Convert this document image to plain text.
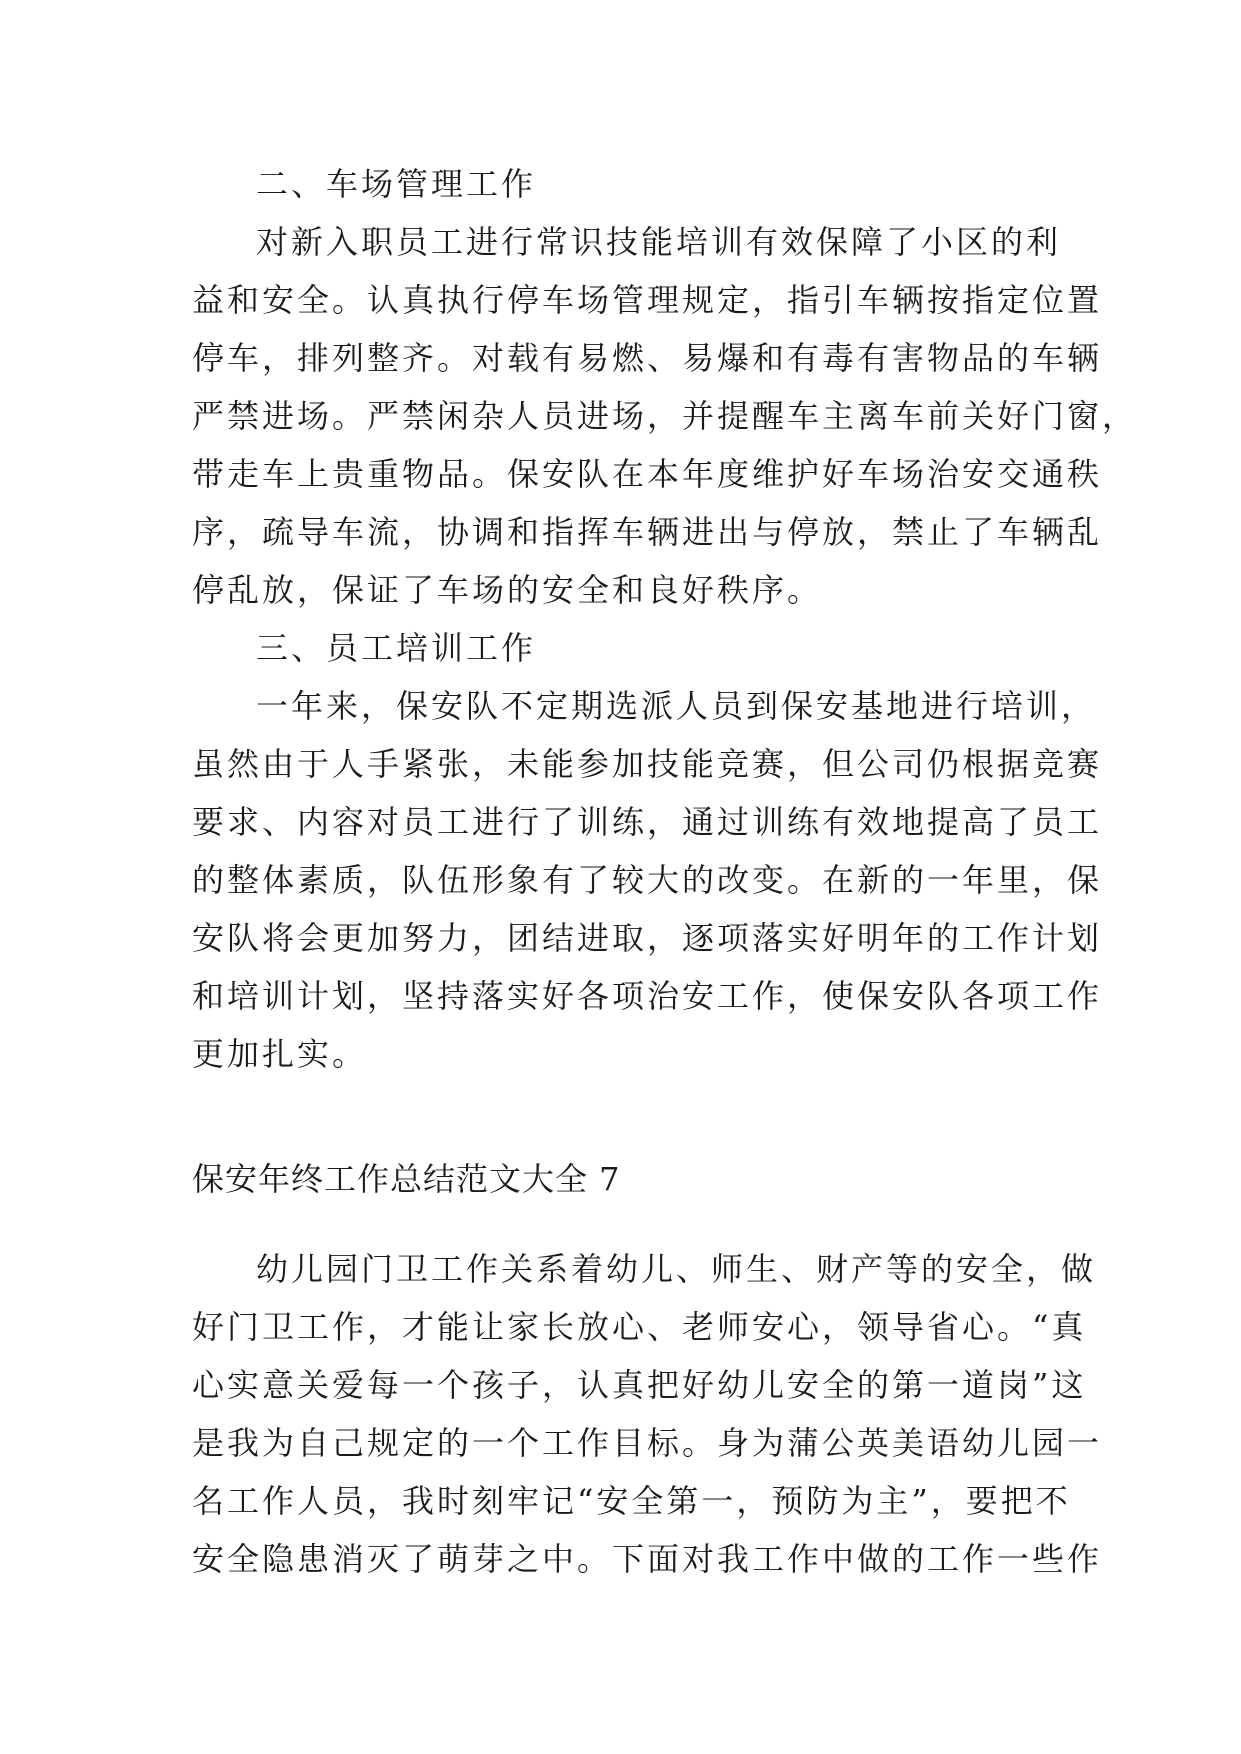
二、车场管理工作

对新入职员工进行常识技能培训有效保障了小区的利

益和安全。认真执行停车场管理规定，指引车辆按指定位置

停车，排列整齐。对载有易燃、易爆和有毒有害物品的车辆

严禁进场。严禁闲杂人员进场，并提醒车主离车前关好门窗，

带走车上贵重物品。保安队在本年度维护好车场治安交通秩

序，疏导车流，协调和指挥车辆进出与停放，禁止了车辆乱

停乱放，保证了车场的安全和良好秩序。

三、员工培训工作

一年来，保安队不定期选派人员到保安基地进行培训，

虽然由于人手紧张，未能参加技能竞赛，但公司仍根据竞赛

要求、内容对员工进行了训练，通过训练有效地提高了员工

的整体素质，队伍形象有了较大的改变。在新的一年里，保

安队将会更加努力，团结进取，逐项落实好明年的工作计划

和培训计划，坚持落实好各项治安工作，使保安队各项工作

更加扎实。

保安年终工作总结范文大全 7

幼儿园门卫工作关系着幼儿、师生、财产等的安全，做

好门卫工作，才能让家长放心、老师安心，领导省心。“真

心实意关爱每一个孩子，认真把好幼儿安全的第一道岗”这

是我为自己规定的一个工作目标。身为蒲公英美语幼儿园一

名工作人员，我时刻牢记“安全第一，预防为主”，要把不

安全隐患消灭了萌芽之中。下面对我工作中做的工作一些作
